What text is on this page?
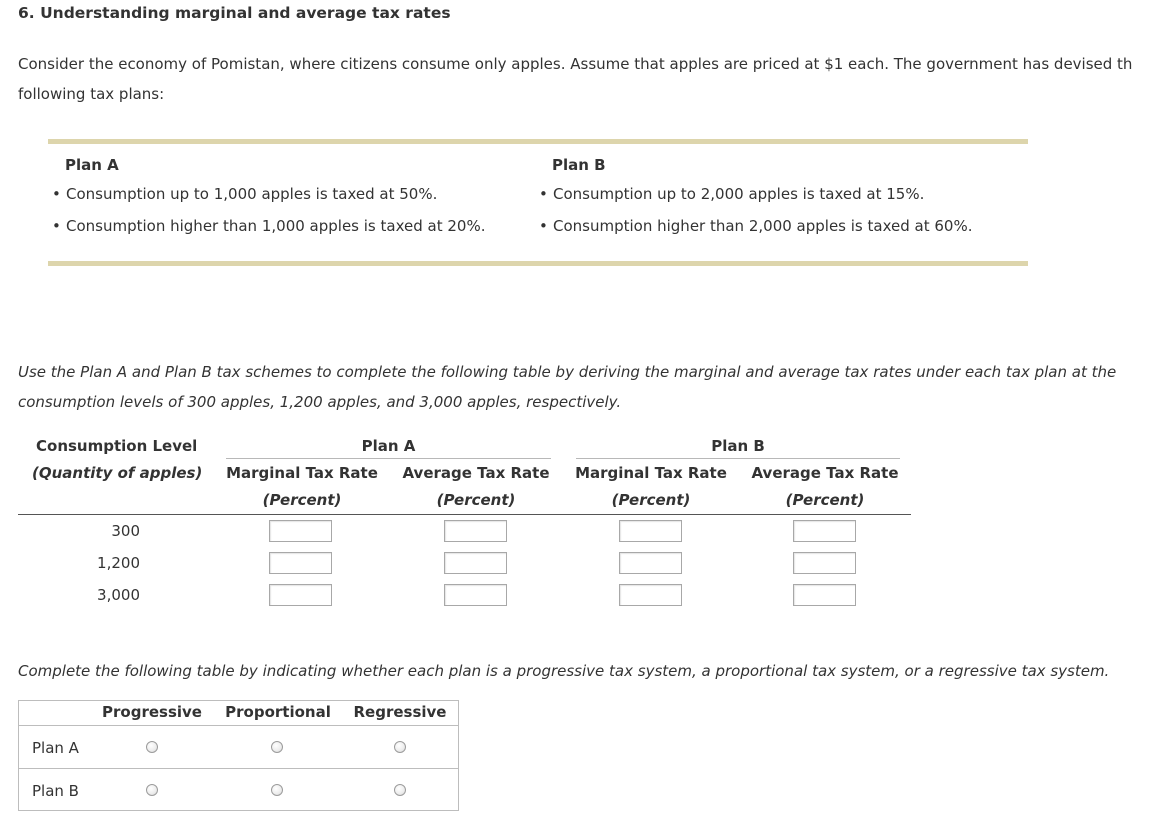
6. Understanding marginal and average tax rates
Consider the economy of Pomistan, where citizens consume only apples. Assume that apples are priced at $1 each. The government has devised th
following tax plans:
Plan A
• Consumption up to 1,000 apples is taxed at 50%.
• Consumption higher than 1,000 apples is taxed at 20%.
Plan B
• Consumption up to 2,000 apples is taxed at 15%.
• Consumption higher than 2,000 apples is taxed at 60%.
Use the Plan A and Plan B tax schemes to complete the following table by deriving the marginal and average tax rates under each tax plan at the
consumption levels of 300 apples, 1,200 apples, and 3,000 apples, respectively.
Consumption Level
(Quantity of apples)
Plan A	Plan B
Marginal Tax Rate
(Percent)
Average Tax Rate
(Percent)
Marginal Tax Rate
(Percent)
Average Tax Rate
(Percent)
300
1,200
3,000
Complete the following table by indicating whether each plan is a progressive tax system, a proportional tax system, or a regressive tax system.
Progressive Proportional Regressive
Plan A
Plan B
